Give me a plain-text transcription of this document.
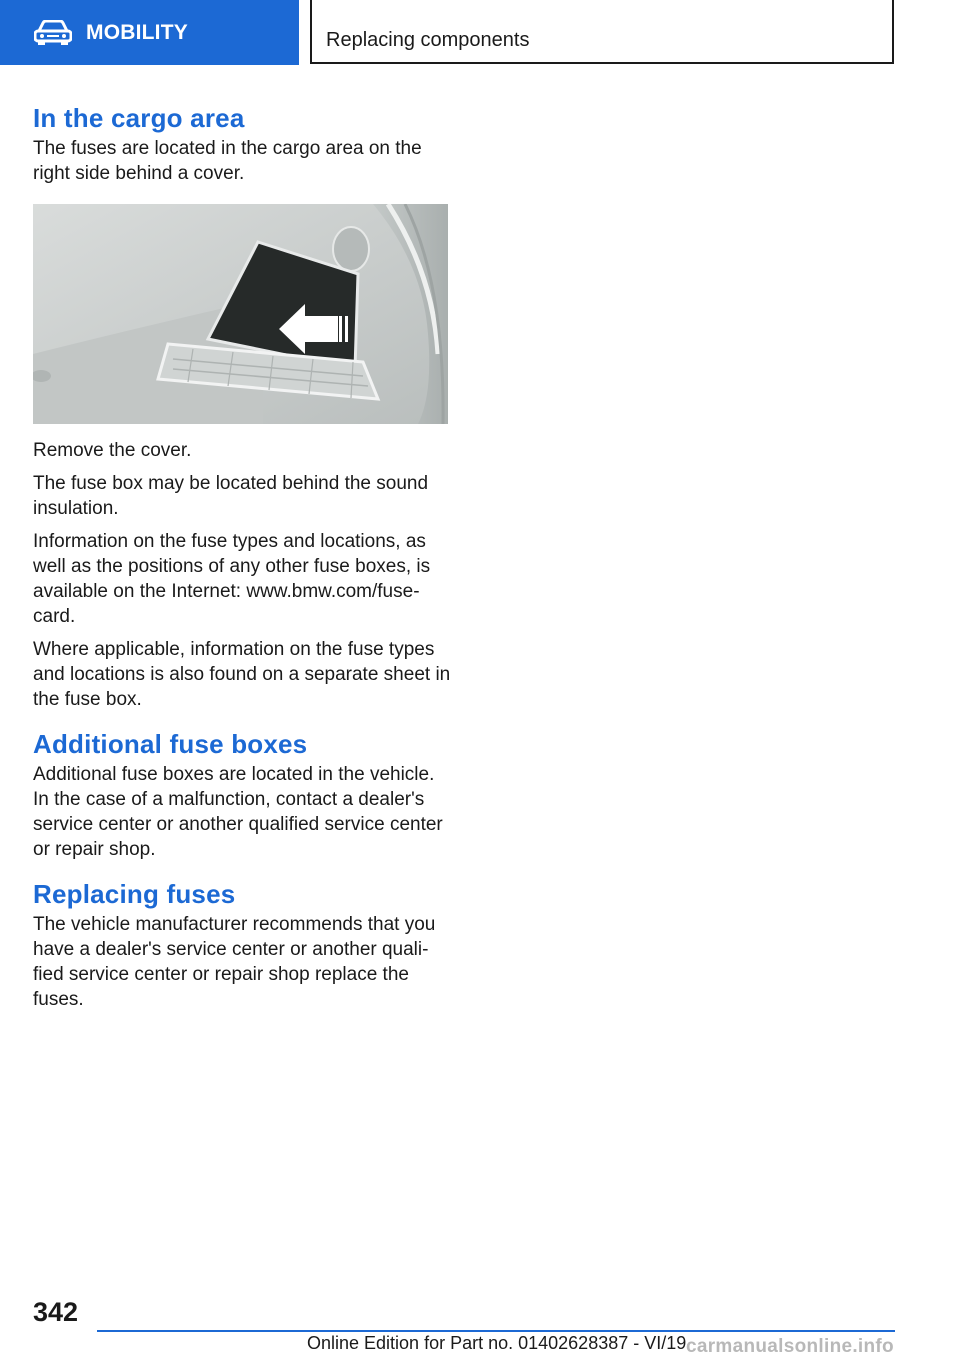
MOBILITY	Replacing components
In the cargo area

The fuses are located in the cargo area on the right side behind a cover.

Remove the cover.

The fuse box may be located behind the sound insulation.

Information on the fuse types and locations, as well as the positions of any other fuse boxes, is available on the Internet: www.bmw.com/fuse-card.

Where applicable, information on the fuse types and locations is also found on a separate sheet in the fuse box.

Additional fuse boxes

Additional fuse boxes are located in the vehicle. In the case of a malfunction, contact a dealer's service center or another qualified service center or repair shop.

Replacing fuses

The vehicle manufacturer recommends that you have a dealer's service center or another quali-fied service center or repair shop replace the fuses.

342
Online Edition for Part no. 01402628387 - VI/19 carmanualsonline.info
